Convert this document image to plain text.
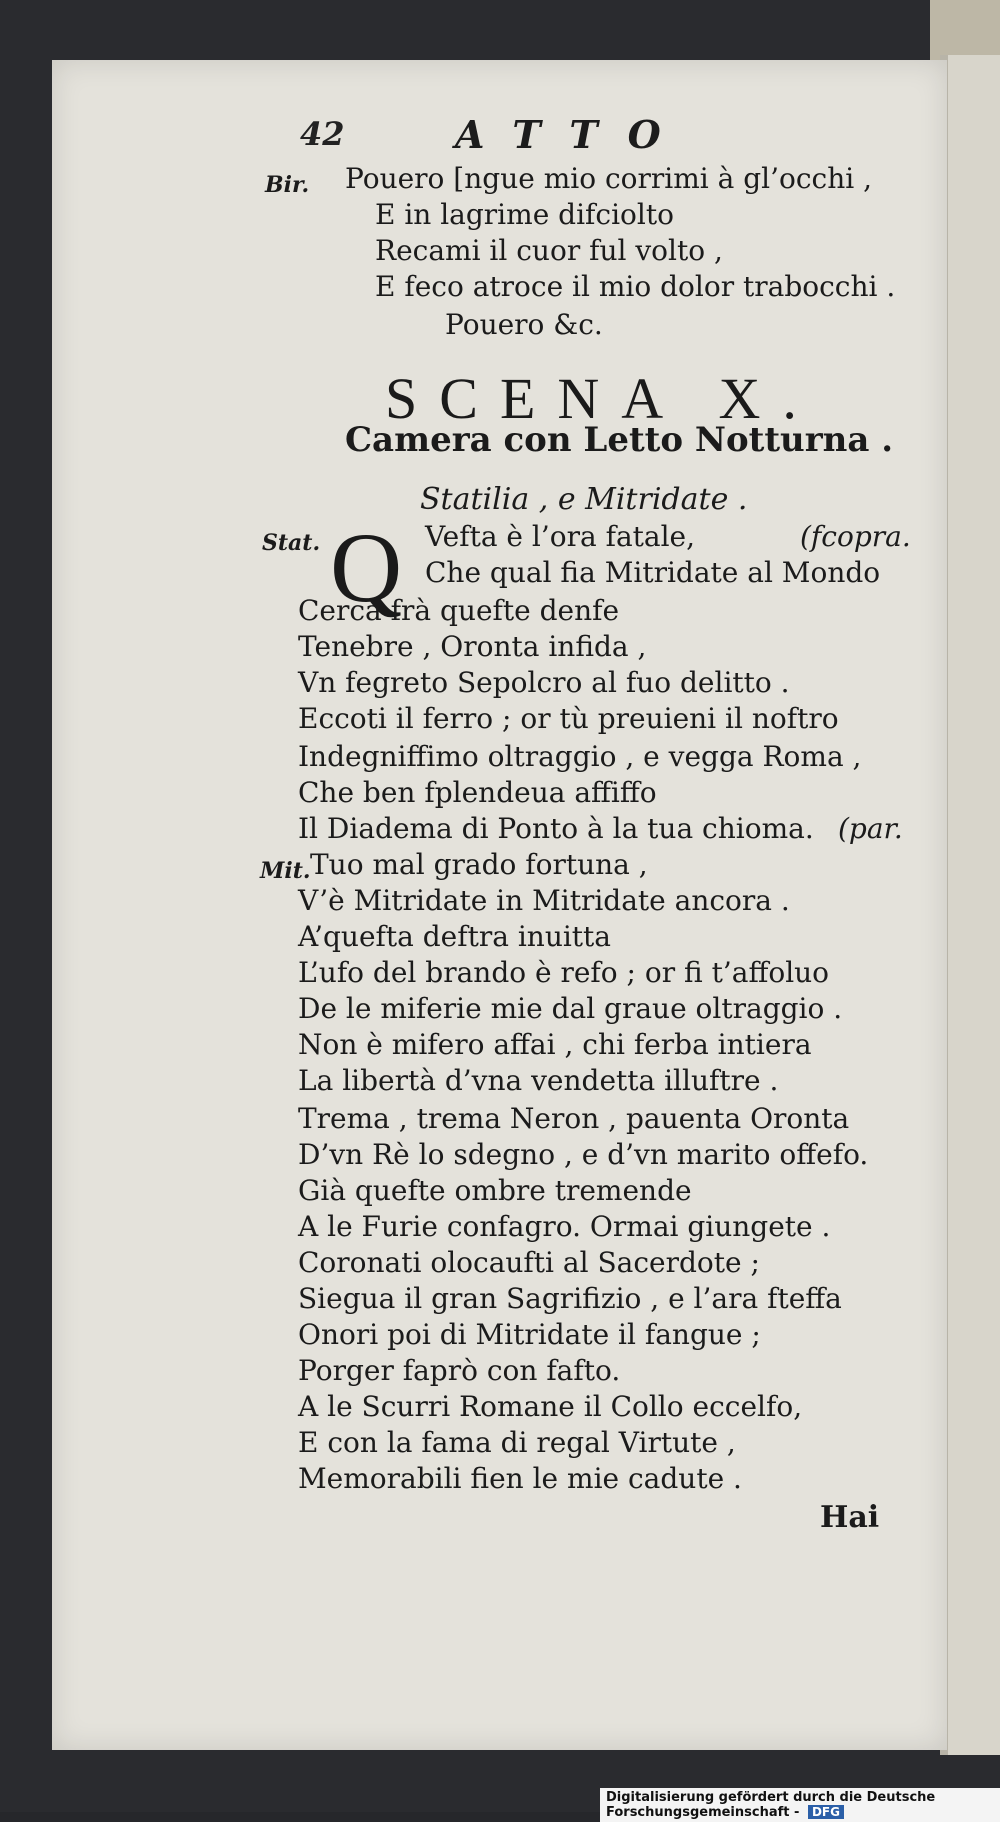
42	ATTO
Bir. Pouero [ngue mio corrimi à gl’occhi ,
E in lagrime difciolto
Recami il cuor ful volto ,
E feco atroce il mio dolor trabocchi .
Pouero &c.
SCENA X.
Camera con Letto Notturna .
Statilia , e Mitridate .
Stat. Q Vefta è l’ora fatale,	(fcopra.
Che qual fia Mitridate al Mondo
Cerca frà quefte denfe
Tenebre , Oronta infida ,
Vn fegreto Sepolcro al fuo delitto .
Eccoti il ferro ; or tù preuieni il noftro
Indegniffimo oltraggio , e vegga Roma ,
Che ben fplendeua affiffo
Il Diadema di Ponto à la tua chioma. (par.
Mit. Tuo mal grado fortuna ,
V’è Mitridate in Mitridate ancora .
A’quefta deftra inuitta
L’ufo del brando è refo ; or fi t’affoluo
De le miferie mie dal graue oltraggio .
Non è mifero affai , chi ferba intiera
La libertà d’vna vendetta illuftre .
Trema , trema Neron , pauenta Oronta
D’vn Rè lo sdegno , e d’vn marito offefo.
Già quefte ombre tremende
A le Furie confagro. Ormai giungete .
Coronati olocaufti al Sacerdote ;
Siegua il gran Sagrifizio , e l’ara fteffa
Onori poi di Mitridate il fangue ;
Porger faprò con fafto.
A le Scurri Romane il Collo eccelfo,
E con la fama di regal Virtute ,
Memorabili fien le mie cadute .
Hai
Digitalisierung gefördert durch die Deutsche Forschungsgemeinschaft - DFG
